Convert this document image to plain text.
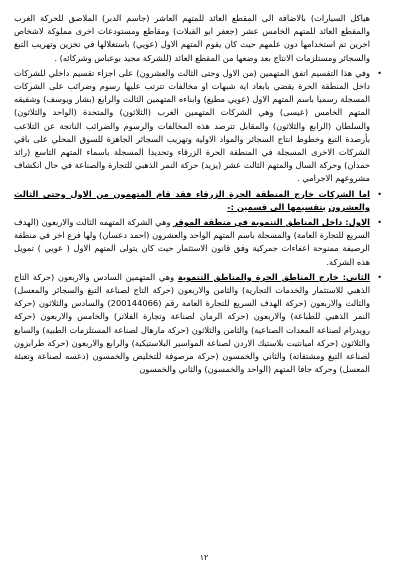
هياكل السيارات) بالاضافة الى المقطع العائد للمتهم العاشر (جاسم الدبر) الملاصق للحركة الغرب والمقطع العائد للمتهم الخامس عشر (جعفر ابو القبلات) ومقاطع ومستودعات اخرى مملوكة لاشخاص اخرين تم استخدامها دون علمهم حيث كان يقوم المتهم الاول (عويي) باستغلالها في تخزين وتهريب التبغ والسجائر ومستلزمات الانتاج بعد وضعها من المقطع العائد (للشركة مجيد بوعباس وشركائه) .

•
وفي هذا التقسيم اتفق المتهمين (من الاول وحتى الثالث والعشرون) على اجزاء تقسيم داخلي للشركات داخل المنطقة الحرة يقضي بابعاد اية شبهات او مخالفات تترتب عليها رسوم وضرائب على الشركات المسجلة رسميا باسم المتهم الاول (عويي مطيع) وابناءه المتهمين الثالث والرابع (بشار ويوسف) وشقيقه المتهم الخامس (عيسى) وهي الشركات المتهمين الغرب (الثلاثون) والمتحدة (الواحد والثلاثون) والسلطان (الرابع والثلاثون) والمقابل تترصد هذه المخالفات والرسوم والضرائب الناتجة عن التلاعب بأرصدة التبغ وخطوط انتاج السجائر والمواد الاولية وتهريب السجائر الجاهزة للسوق المحلي على باقي الشركات الاخرى المسجلة في المنطقة الحرة الزرقاء وتحديدا المسجلة باسماء المتهم التاسع (رائد حمدان) وحركة السال والمتهم الثالث عشر (يزيد) حركة النمر الذهبي للتجارة والصناعة في حال انكشاف مشروعهم الاجرامي .

•
اما الشركات خارج المنطقة الحرة الزرقاء فقد قام المتهمون من الاول وحتى الثالث والعشرون بتقسيمها الى قسمين :-

•
الاول: داخل المناطق التنموية في منطقة الموقر وهي الشركة المتهمه الثالث والاربعون (الهدف السريع للتجارة العامة) والمسجلة باسم المتهم الواحد والعشرون (احمد دعسان) ولها فرع اخر في منطقة الرصيفة ممنوحة اعفاءات جمركية وفق قانون الاستثمار حيث كان يتولى المتهم الاول ( عويي ) تمويل هذه الشركة.

•
الثاني: خارج المناطق الحرة والمناطق التنموية وهي المتهمين السادس والاربعون (حركة التاج الذهبي للاستثمار والخدمات التجارية) والثامن والاربعون (حركة التاج لصناعة التبغ والسجائر والمعسل) والثالث والاربعون (حركة الهدف السريع للتجارة العامة رقم (200144066) والسادس والثلاثون (حركة النمر الذهبي للطباعة) والاربعون (حركة الرمان لصناعة وتجارة الفلاتر) والخامس والاربعون (حركة رويدرام لصناعة المعدات الصناعية) والثامن والثلاثون (حركة مارهال لصناعة المستلزمات الطبية) والسابع والثلاثون (حركة اميانتيت بلاستيك الاردن لصناعة المواسير البلاستيكية) والرابع والاربعون (حركة طرابزون لصناعة التبغ ومشتقاته) والثاني والخمسون (حركة مرصوفة للتخليص والخمسون (دعسه لصناعة وتعبئة المعسل) وحركة جافا المتهم (الواحد والخمسون) والثاني والخمسون

١٢
